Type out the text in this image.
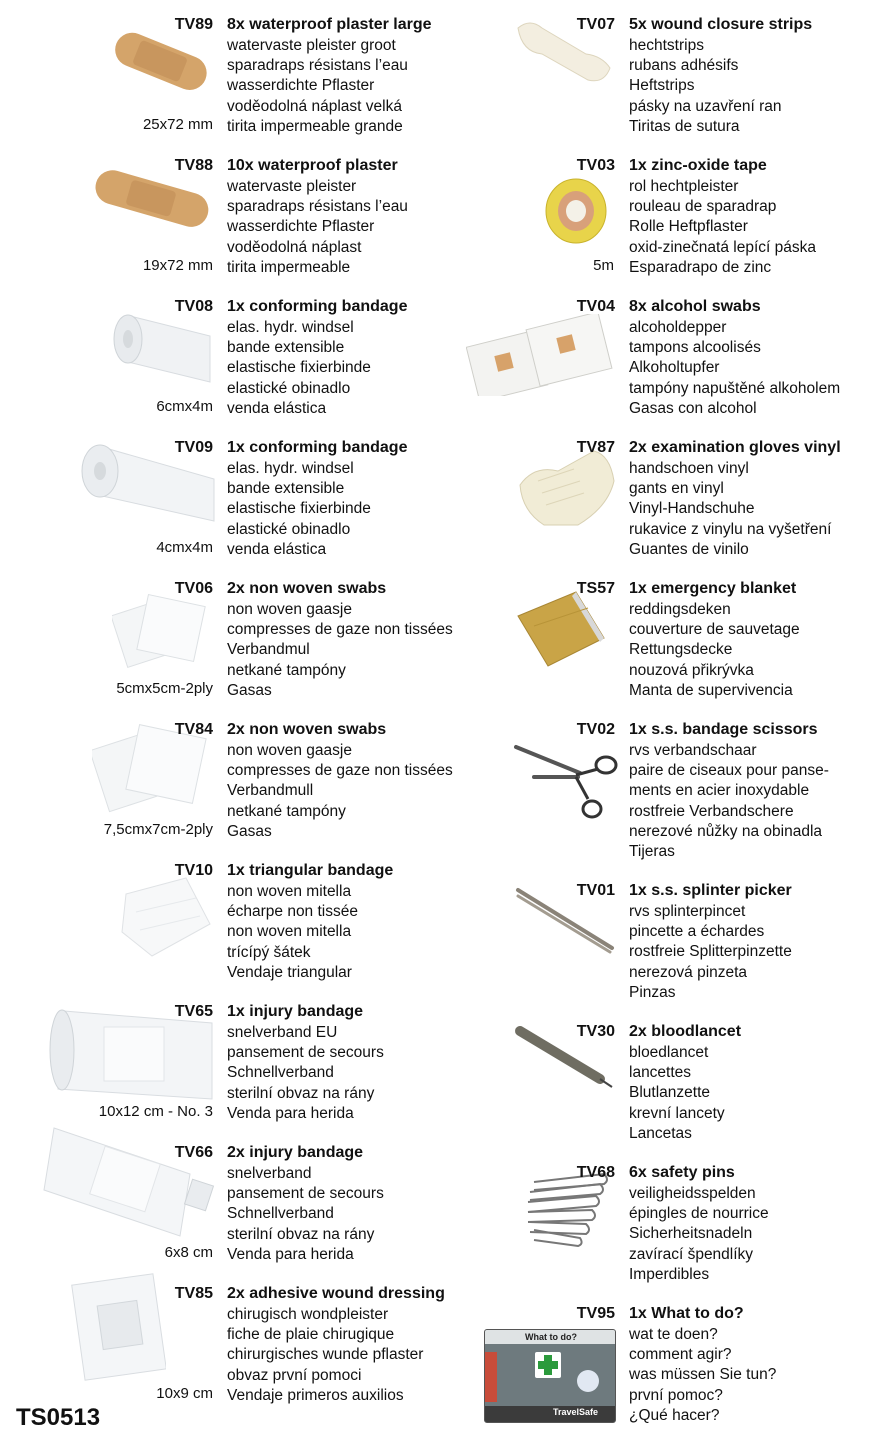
TV89 8x waterproof plaster large
watervaste pleister groot
sparadraps résistans l’eau
wasserdichte Pflaster
voděodolná náplast velká
tirita impermeable grande
25x72 mm
TV88 10x waterproof plaster
watervaste pleister
sparadraps résistans l’eau
wasserdichte Pflaster
voděodolná náplast
tirita impermeable
19x72 mm
TV08 1x conforming bandage
elas. hydr. windsel
bande extensible
elastische fixierbinde
elastické obinadlo
venda elástica
6cmx4m
TV09 1x conforming bandage
elas. hydr. windsel
bande extensible
elastische fixierbinde
elastické obinadlo
venda elástica
4cmx4m
TV06 2x non woven swabs
non woven gaasje
compresses de gaze non tissées
Verbandmul
netkané tampóny
Gasas
5cmx5cm-2ply
TV84 2x non woven swabs
non woven gaasje
compresses de gaze non tissées
Verbandmull
netkané tampóny
Gasas
7,5cmx7cm-2ply
TV10 1x triangular bandage
non woven mitella
écharpe non tissée
non woven mitella
trícípý šátek
Vendaje triangular
TV65 1x injury bandage
snelverband EU
pansement de secours
Schnellverband
sterilní obvaz na rány
Venda para herida
10x12 cm - No. 3
TV66 2x injury bandage
snelverband
pansement de secours
Schnellverband
sterilní obvaz na rány
Venda para herida
6x8 cm
TV85 2x adhesive wound dressing
chirugisch wondpleister
fiche de plaie chirugique
chirurgisches wunde pflaster
obvaz první pomoci
Vendaje primeros auxilios
10x9 cm
TV07 5x wound closure strips
hechtstrips
rubans adhésifs
Heftstrips
pásky na uzavření ran
Tiritas de sutura
TV03 1x zinc-oxide tape
rol hechtpleister
rouleau de sparadrap
Rolle Heftpflaster
oxid-zinečnatá lepící páska
Esparadrapo de zinc
5m
TV04 8x alcohol swabs
alcoholdepper
tampons alcoolisés
Alkoholtupfer
tampóny napuštěné alkoholem
Gasas con alcohol
TV87 2x examination gloves vinyl
handschoen vinyl
gants en vinyl
Vinyl-Handschuhe
rukavice z vinylu na vyšetření
Guantes de vinilo
TS57 1x emergency blanket
reddingsdeken
couverture de sauvetage
Rettungsdecke
nouzová přikrývka
Manta de supervivencia
TV02 1x s.s. bandage scissors
rvs verbandschaar
paire de ciseaux pour panse-
ments en acier inoxydable
rostfreie Verbandschere
nerezové nůžky na obinadla
Tijeras
TV01 1x s.s. splinter picker
rvs splinterpincet
pincette a échardes
rostfreie Splitterpinzette
nerezová pinzeta
Pinzas
TV30 2x bloodlancet
bloedlancet
lancettes
Blutlanzette
krevní lancety
Lancetas
TV68 6x safety pins
veiligheidsspelden
épingles de nourrice
Sicherheitsnadeln
zavírací špendlíky
Imperdibles
What to do?
TravelSafe
TV95 1x What to do?
wat te doen?
comment agir?
was müssen Sie tun?
první pomoc?
¿Qué hacer?
TS0513
